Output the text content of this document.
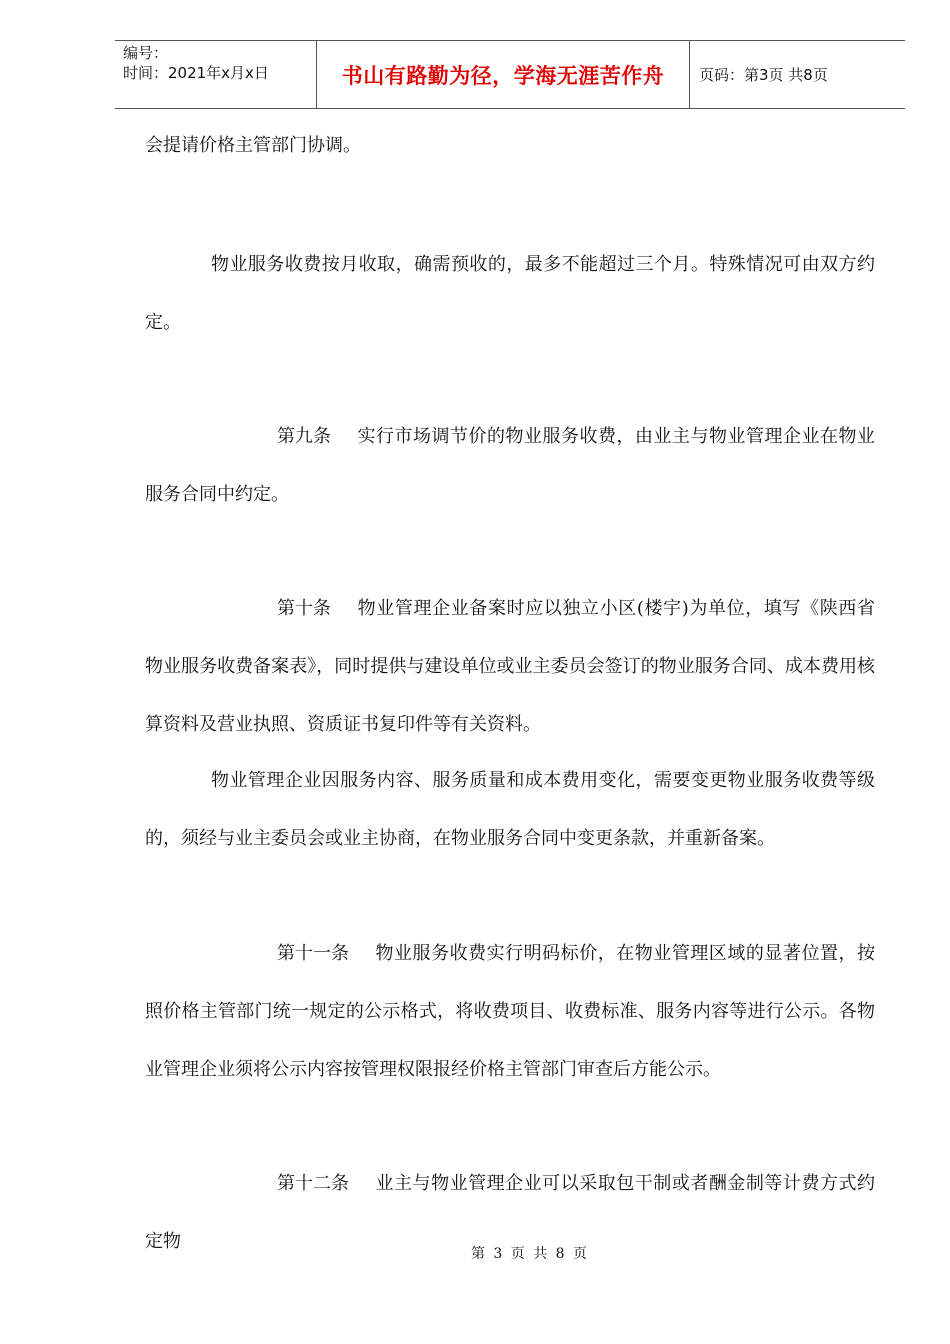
编号：
时间：2021年x月x日	书山有路勤为径，学海无涯苦作舟 页码：第3页 共8页

会提请价格主管部门协调。

物业服务收费按月收取，确需预收的，最多不能超过三个月。特殊情况可由双方约定。

第九条 实行市场调节价的物业服务收费，由业主与物业管理企业在物业服务合同中约定。

第十条 物业管理企业备案时应以独立小区(楼宇)为单位，填写《陕西省物业服务收费备案表》，同时提供与建设单位或业主委员会签订的物业服务合同、成本费用核算资料及营业执照、资质证书复印件等有关资料。

物业管理企业因服务内容、服务质量和成本费用变化，需要变更物业服务收费等级的，须经与业主委员会或业主协商，在物业服务合同中变更条款，并重新备案。

第十一条 物业服务收费实行明码标价，在物业管理区域的显著位置，按照价格主管部门统一规定的公示格式，将收费项目、收费标准、服务内容等进行公示。各物业管理企业须将公示内容按管理权限报经价格主管部门审查后方能公示。

第十二条 业主与物业管理企业可以采取包干制或者酬金制等计费方式约定物

第 3 页 共 8 页
